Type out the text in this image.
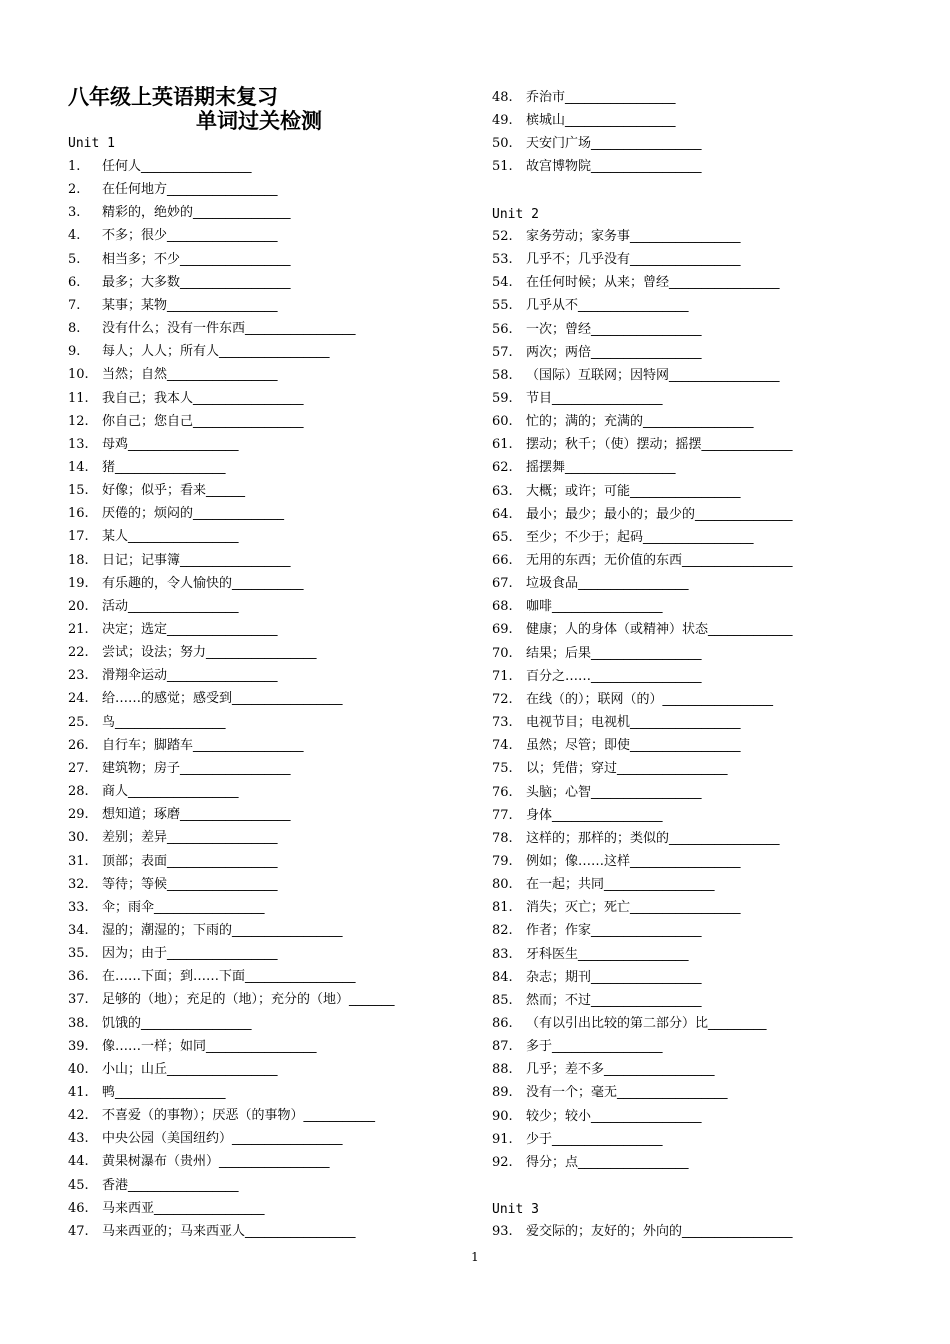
八年级上英语期末复习
单词过关检测
Unit 1
1.	任何人_________________
2.	在任何地方_________________
3.	精彩的，绝妙的_______________
4.	不多；很少_________________
5.	相当多；不少_________________
6.	最多；大多数_________________
7.	某事；某物_________________
8.	没有什么；没有一件东西_________________
9.	每人；人人；所有人_________________
10.	当然；自然_________________
11.	我自己；我本人_________________
12.	你自己；您自己_________________
13.	母鸡_________________
14.	猪_________________
15.	好像；似乎；看来______
16.	厌倦的；烦闷的______________
17.	某人_________________
18.	日记；记事簿_________________
19.	有乐趣的，令人愉快的___________
20.	活动_________________
21.	决定；选定_________________
22.	尝试；设法；努力_________________
23.	滑翔伞运动_________________
24.	给……的感觉；感受到_________________
25.	鸟_________________
26.	自行车；脚踏车_________________
27.	建筑物；房子_________________
28.	商人_________________
29.	想知道；琢磨_________________
30.	差别；差异_________________
31.	顶部；表面_________________
32.	等待；等候_________________
33.	伞；雨伞_________________
34.	湿的；潮湿的；下雨的_________________
35.	因为；由于_________________
36.	在……下面；到……下面_________________
37.	足够的（地）；充足的（地）；充分的（地）_______
38.	饥饿的_________________
39.	像……一样；如同_________________
40.	小山；山丘_________________
41.	鸭_________________
42.	不喜爱（的事物）；厌恶（的事物）___________
43.	中央公园（美国纽约）_________________
44.	黄果树瀑布（贵州）_________________
45.	香港_________________
46.	马来西亚_________________
47.	马来西亚的；马来西亚人_________________
48.	乔治市_________________
49.	槟城山_________________
50.	天安门广场_________________
51.	故宫博物院_________________
Unit 2
52.	家务劳动；家务事_________________
53.	几乎不；几乎没有_________________
54.	在任何时候；从来；曾经_________________
55.	几乎从不_________________
56.	一次；曾经_________________
57.	两次；两倍_________________
58.	（国际）互联网；因特网_________________
59.	节目_________________
60.	忙的；满的；充满的_________________
61.	摆动；秋千；（使）摆动；摇摆______________
62.	摇摆舞_________________
63.	大概；或许；可能_________________
64.	最小；最少；最小的；最少的_______________
65.	至少；不少于；起码_________________
66.	无用的东西；无价值的东西_________________
67.	垃圾食品_________________
68.	咖啡_________________
69.	健康；人的身体（或精神）状态_____________
70.	结果；后果_________________
71.	百分之……_________________
72.	在线（的）；联网（的）_________________
73.	电视节目；电视机_________________
74.	虽然；尽管；即使_________________
75.	以；凭借；穿过_________________
76.	头脑；心智_________________
77.	身体_________________
78.	这样的；那样的；类似的_________________
79.	例如；像……这样_________________
80.	在一起；共同_________________
81.	消失；灭亡；死亡_________________
82.	作者；作家_________________
83.	牙科医生_________________
84.	杂志；期刊_________________
85.	然而；不过_________________
86.	（有以引出比较的第二部分）比_________
87.	多于_________________
88.	几乎；差不多_________________
89.	没有一个；毫无_________________
90.	较少；较小_________________
91.	少于_________________
92.	得分；点_________________
Unit 3
93.	爱交际的；友好的；外向的_________________
1
